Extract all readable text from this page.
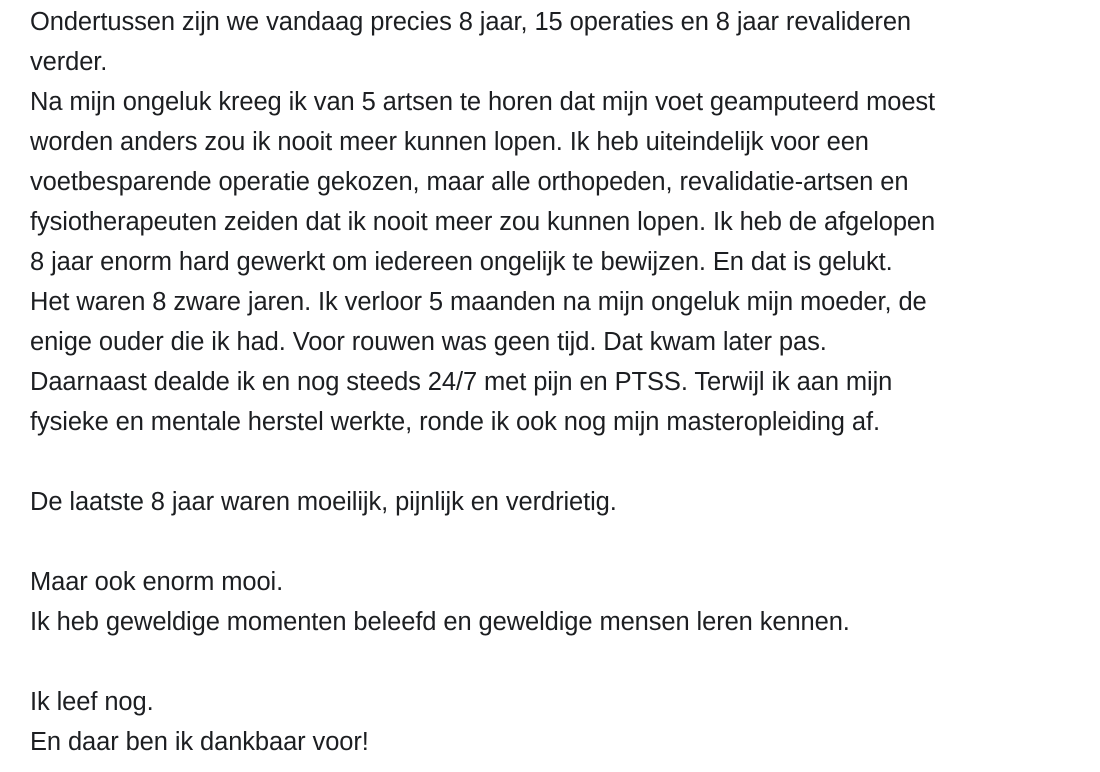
Ondertussen zijn we vandaag precies 8 jaar, 15 operaties en 8 jaar revalideren
verder.
Na mijn ongeluk kreeg ik van 5 artsen te horen dat mijn voet geamputeerd moest
worden anders zou ik nooit meer kunnen lopen. Ik heb uiteindelijk voor een
voetbesparende operatie gekozen, maar alle orthopeden, revalidatie-artsen en
fysiotherapeuten zeiden dat ik nooit meer zou kunnen lopen. Ik heb de afgelopen
8 jaar enorm hard gewerkt om iedereen ongelijk te bewijzen. En dat is gelukt.
Het waren 8 zware jaren. Ik verloor 5 maanden na mijn ongeluk mijn moeder, de
enige ouder die ik had. Voor rouwen was geen tijd. Dat kwam later pas.
Daarnaast dealde ik en nog steeds 24/7 met pijn en PTSS. Terwijl ik aan mijn
fysieke en mentale herstel werkte, ronde ik ook nog mijn masteropleiding af.
De laatste 8 jaar waren moeilijk, pijnlijk en verdrietig.
Maar ook enorm mooi.
Ik heb geweldige momenten beleefd en geweldige mensen leren kennen.
Ik leef nog.
En daar ben ik dankbaar voor!
